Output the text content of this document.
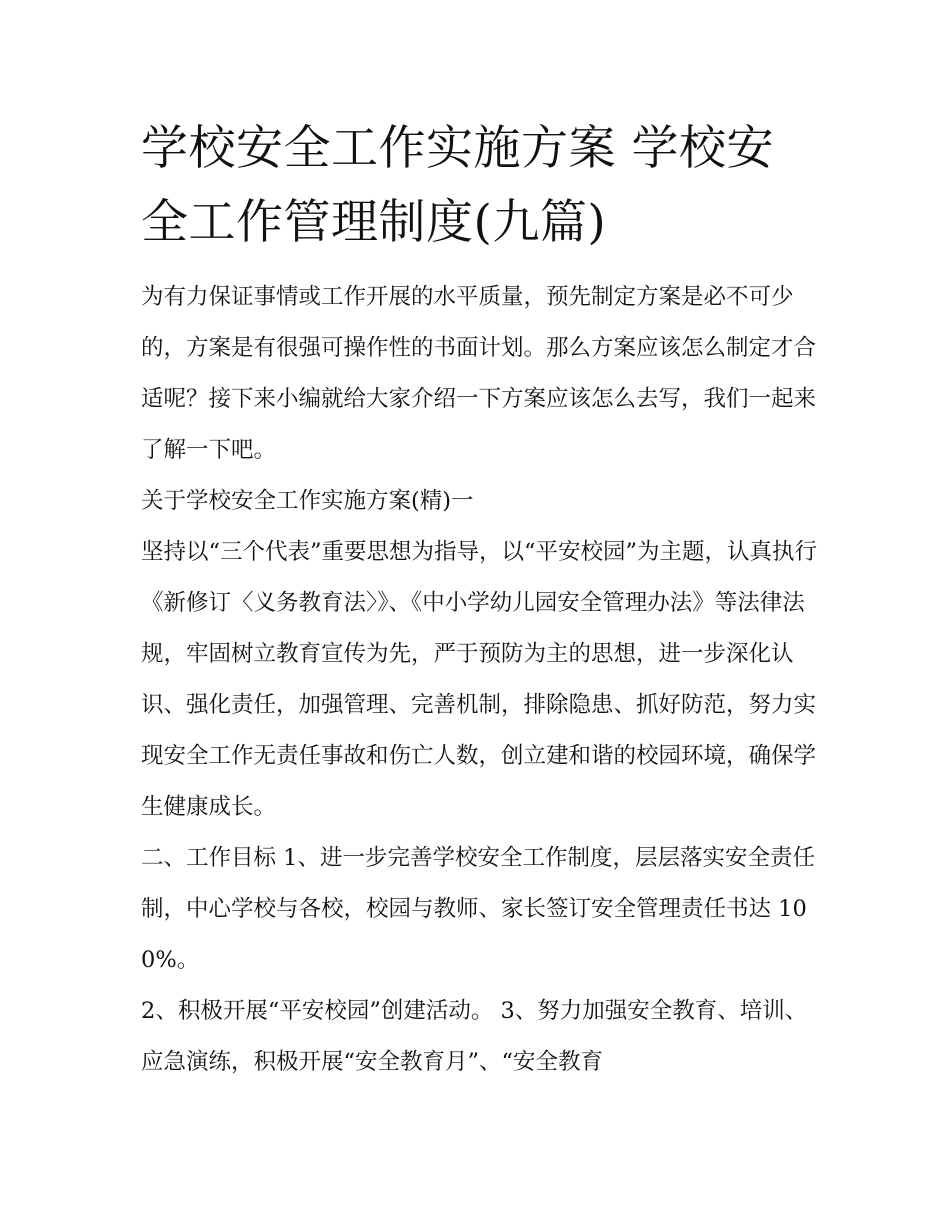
学校安全工作实施方案 学校安全工作管理制度(九篇)

为有力保证事情或工作开展的水平质量，预先制定方案是必不可少的，方案是有很强可操作性的书面计划。那么方案应该怎么制定才合适呢？接下来小编就给大家介绍一下方案应该怎么去写，我们一起来了解一下吧。

关于学校安全工作实施方案(精)一

坚持以“三个代表”重要思想为指导，以“平安校园”为主题，认真执行《新修订〈义务教育法〉》、《中小学幼儿园安全管理办法》等法律法规，牢固树立教育宣传为先，严于预防为主的思想，进一步深化认识、强化责任，加强管理、完善机制，排除隐患、抓好防范，努力实现安全工作无责任事故和伤亡人数，创立建和谐的校园环境，确保学生健康成长。

二、工作目标 1、进一步完善学校安全工作制度，层层落实安全责任制，中心学校与各校，校园与教师、家长签订安全管理责任书达 100%。

2、积极开展“平安校园”创建活动。 3、努力加强安全教育、培训、应急演练，积极开展“安全教育月”、“安全教育
